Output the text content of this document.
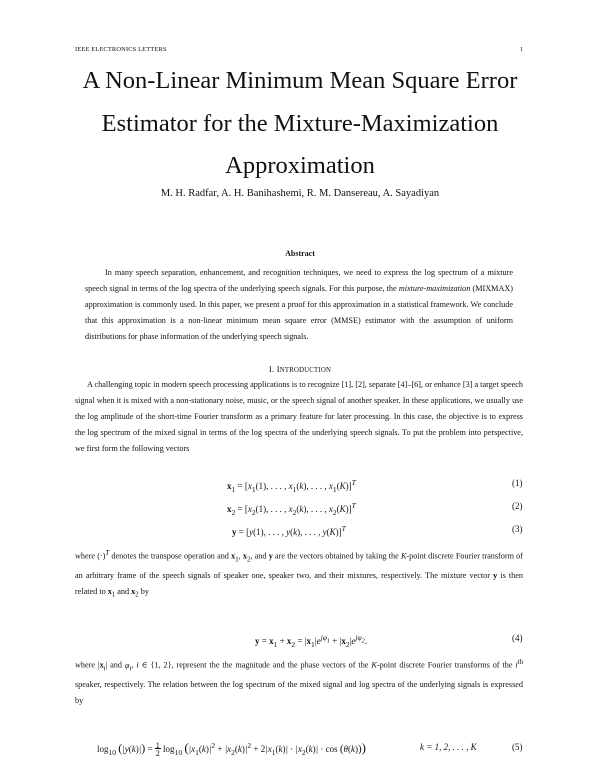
IEEE ELECTRONICS LETTERS	1
A Non-Linear Minimum Mean Square Error
Estimator for the Mixture-Maximization
Approximation
M. H. Radfar, A. H. Banihashemi, R. M. Dansereau, A. Sayadiyan
Abstract

In many speech separation, enhancement, and recognition techniques, we need to express the log spectrum of a mixture speech signal in terms of the log spectra of the underlying speech signals. For this purpose, the mixture-maximization (MIXMAX) approximation is commonly used. In this paper, we present a proof for this approximation in a statistical framework. We conclude that this approximation is a non-linear minimum mean square error (MMSE) estimator with the assumption of uniform distributions for phase information of the underlying speech signals.

I. INTRODUCTION

A challenging topic in modern speech processing applications is to recognize [1], [2], separate [4]–[6], or enhance [3] a target speech signal when it is mixed with a non-stationary noise, music, or the speech signal of another speaker. In these applications, we usually use the log amplitude of the short-time Fourier transform as a primary feature for later processing. In this case, the objective is to express the log spectrum of the mixed signal in terms of the log spectra of the underlying speech signals. To put the problem into perspective, we first form the following vectors

$x_1 = [x_1(1)$, . . . , $x_1(k)$, . . . , $x_1(K)]^T$	(1)
$x_2 = [x_2(1)$, . . . , $x_2(k)$, . . . , $x_2(K)]^T$	(2)
y = [y(1), . . . , y(k), . . . , y(K)]$^T$	(3)

where $(\cdot)^T$ denotes the transpose operation and $x_1$, $x_2$, and y are the vectors obtained by taking the K-point discrete Fourier transform of an arbitrary frame of the speech signals of speaker one, speaker two, and their mixtures, respectively. The mixture vector y is then related to $x_1$ and $x_2$ by

$y = x_1 + x_2 = |x_1|e^{j\varphi_1} + |x_2|e^{j\varphi_2}$.	(4)

where $|x_i|$ and $\varphi_i$, i ∈ {1, 2}, represent the the magnitude and the phase vectors of the K-point discrete Fourier transforms of the $i^{th}$ speaker, respectively. The relation between the log spectrum of the mixed signal and log spectra of the underlying signals is expressed by

$\log_{10} (|y(k)|) = 1$
2 $\log_{10} (|x_1(k)|^2 + |x_2(k)|^2 + 2|x_1(k)| \cdot |x_2(k)| \cdot \cos (\theta(k)))$	k = 1, 2, . . . , K	(5)
